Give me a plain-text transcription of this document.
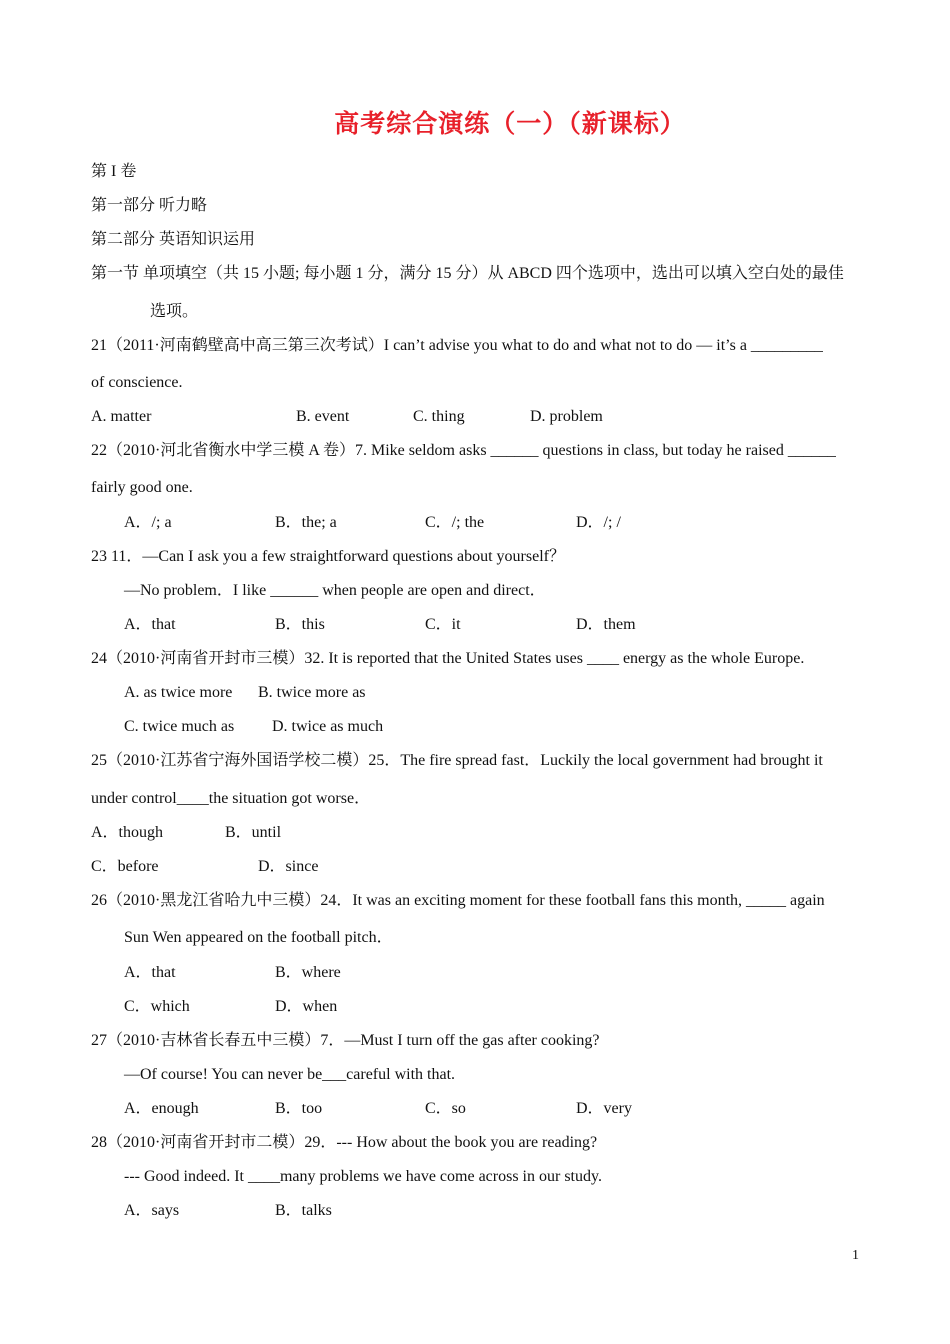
高考综合演练（一）（新课标）
第 I 卷
第一部分 听力略
第二部分 英语知识运用
第一节 单项填空（共 15 小题; 每小题 1 分，满分 15 分）从 ABCD 四个选项中，选出可以填入空白处的最佳
选项。
21（2011·河南鹤壁高中高三第三次考试）I can’t advise you what to do and what not to do — it’s a _________
of conscience.
A. matter	B. event	C. thing	D. problem
22（2010·河北省衡水中学三模 A 卷）7. Mike seldom asks ______ questions in class, but today he raised ______
fairly good one.
A．/; a	B．the; a	C．/; the	D．/; /
23 11．—Can I ask you a few straightforward questions about yourself？
—No problem．I like ______ when people are open and direct．
A．that	B．this	C．it	D．them
24（2010·河南省开封市三模）32. It is reported that the United States uses ____ energy as the whole Europe.
A. as twice more B. twice more as
C. twice much as D. twice as much
25（2010·江苏省宁海外国语学校二模）25．The fire spread fast．Luckily the local government had brought it
under control____the situation got worse．
A．though	B．until
C．before	D．since
26（2010·黑龙江省哈九中三模）24．It was an exciting moment for these football fans this month, _____ again
Sun Wen appeared on the football pitch．
A．that	B．where
C．which	D．when
27（2010·吉林省长春五中三模）7．—Must I turn off the gas after cooking?
—Of course! You can never be___careful with that.
A．enough	B．too	C．so	D．very
28（2010·河南省开封市二模）29．--- How about the book you are reading?
--- Good indeed. It ____many problems we have come across in our study.
A．says	B．talks
1
